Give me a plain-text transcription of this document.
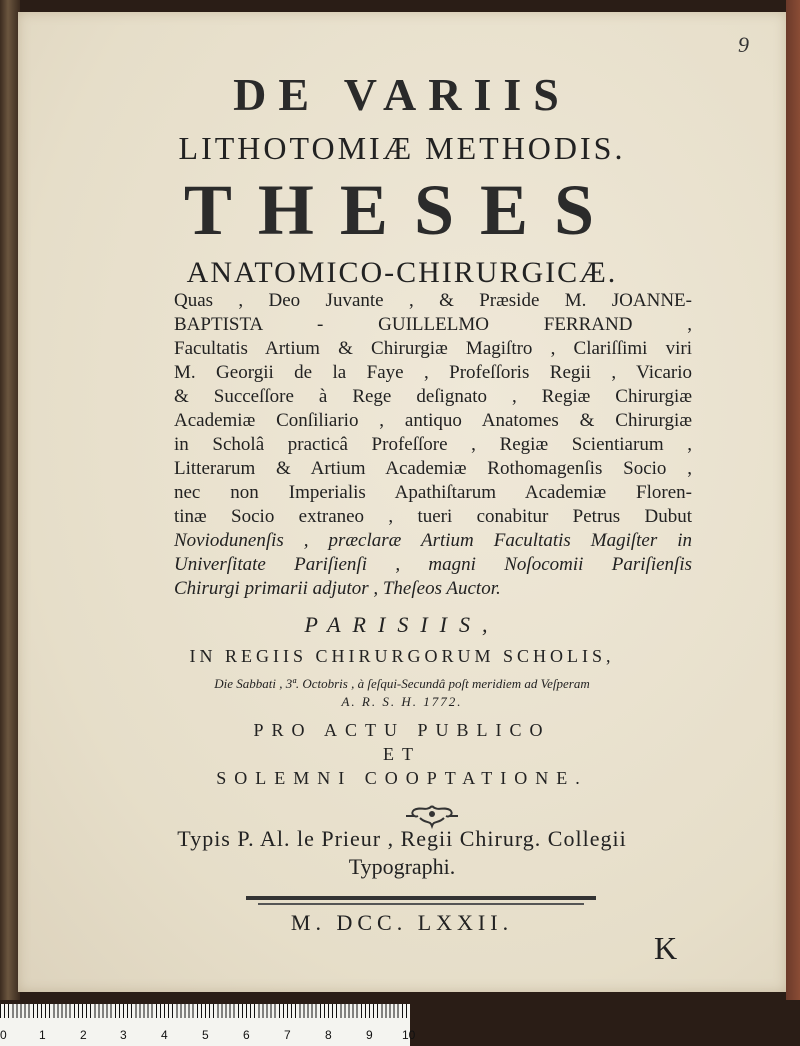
9
DE VARIIS
LITHOTOMIÆ METHODIS.
THESES
ANATOMICO-CHIRURGICÆ.
Quas , Deo Juvante , & Præside M. JOANNE-
BAPTISTA - GUILLELMO FERRAND ,
Facultatis Artium & Chirurgiæ Magiſtro , Clariſſimi viri
M. Georgii de la Faye , Profeſſoris Regii , Vicario
& Succeſſore à Rege deſignato , Regiæ Chirurgiæ
Academiæ Conſiliario , antiquo Anatomes & Chirurgiæ
in Scholâ practicâ Profeſſore , Regiæ Scientiarum ,
Litterarum & Artium Academiæ Rothomagenſis Socio ,
nec non Imperialis Apathiſtarum Academiæ Floren-
tinæ Socio extraneo , tueri conabitur Petrus Dubut
Noviodunenſis , præclaræ Artium Facultatis Magiſter in
Univerſitate Pariſienſi , magni Noſocomii Pariſienſis
Chirurgi primarii adjutor , Theſeos Auctor.
PARISIIS,
IN REGIIS CHIRURGORUM SCHOLIS,
Die Sabbati , 3ª. Octobris , à ſeſqui-Secundâ poſt meridiem ad Veſperam
A. R. S. H. 1772.
PRO ACTU PUBLICO
ET
SOLEMNI COOPTATIONE.
Typis P. Al. le Prieur , Regii Chirurg. Collegii
Typographi.
M. DCC. LXXII.
K
0	1	2	3	4	5	6	7	8	9 10
